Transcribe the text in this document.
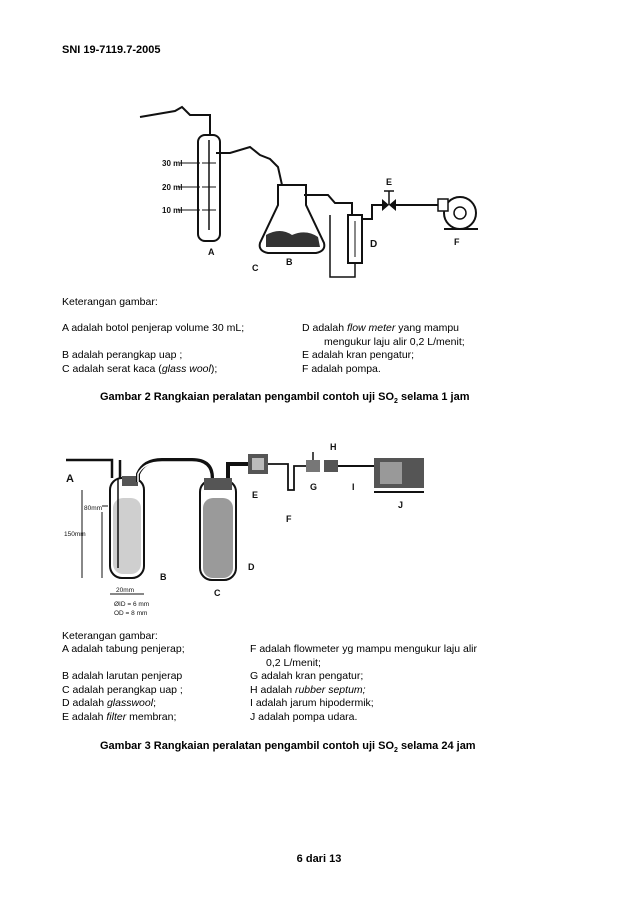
SNI 19-7119.7-2005
30 ml
20 ml
10 ml
A
C
B
D
E
F
Keterangan gambar:
A adalah botol penjerap volume 30 mL;
B adalah perangkap uap ;
C adalah serat kaca (glass wool);
D adalah flow meter yang mampu
mengukur laju alir 0,2 L/menit;
E adalah kran pengatur;
F adalah pompa.
Gambar 2 Rangkaian peralatan pengambil contoh uji $SO_2$ selama 1 jam
A
80mm
150mm
20mm
ØID = 6 mm
OD = 8 mm
B
C
D
E
F
G
H
I
J
Keterangan gambar:
A adalah tabung penjerap;
B adalah larutan penjerap
C adalah perangkap uap ;
D adalah glasswool;
E adalah filter membran;
F adalah flowmeter yg mampu mengukur laju alir
0,2 L/menit;
G adalah kran pengatur;
H adalah rubber septum;
I adalah jarum hipodermik;
J adalah pompa udara.
Gambar 3 Rangkaian peralatan pengambil contoh uji $SO_2$ selama 24 jam
6 dari 13
